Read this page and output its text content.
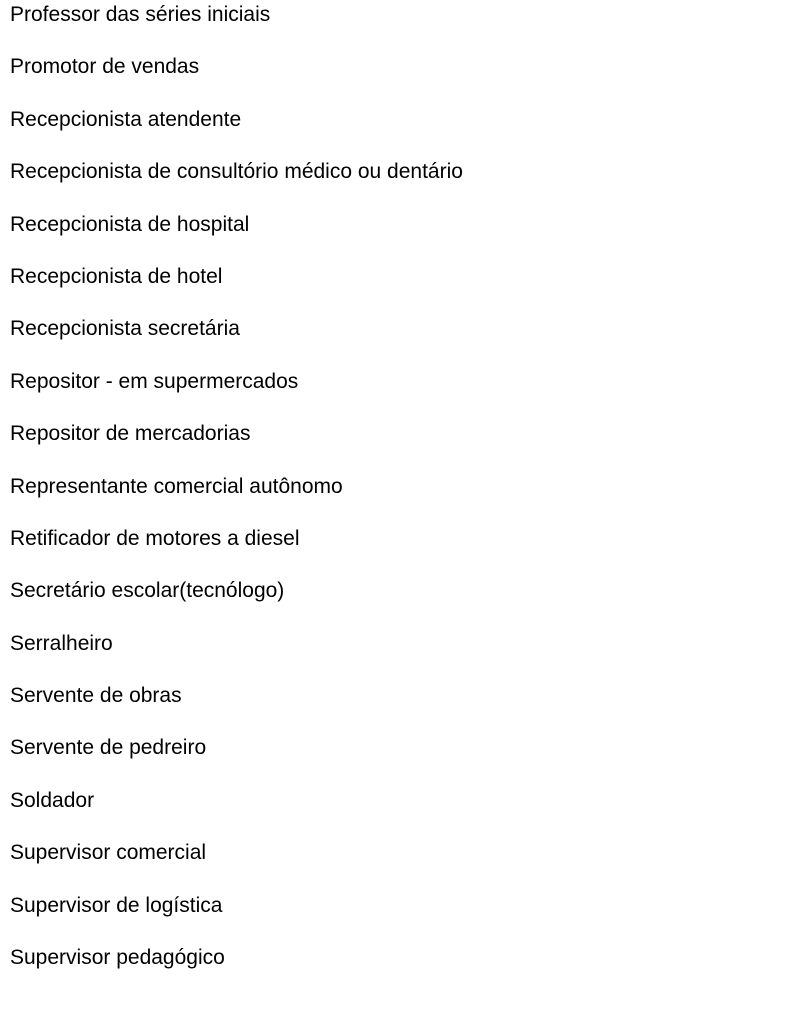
Professor das séries iniciais
Promotor de vendas
Recepcionista atendente
Recepcionista de consultório médico ou dentário
Recepcionista de hospital
Recepcionista de hotel
Recepcionista secretária
Repositor - em supermercados
Repositor de mercadorias
Representante comercial autônomo
Retificador de motores a diesel
Secretário escolar(tecnólogo)
Serralheiro
Servente de obras
Servente de pedreiro
Soldador
Supervisor comercial
Supervisor de logística
Supervisor pedagógico
